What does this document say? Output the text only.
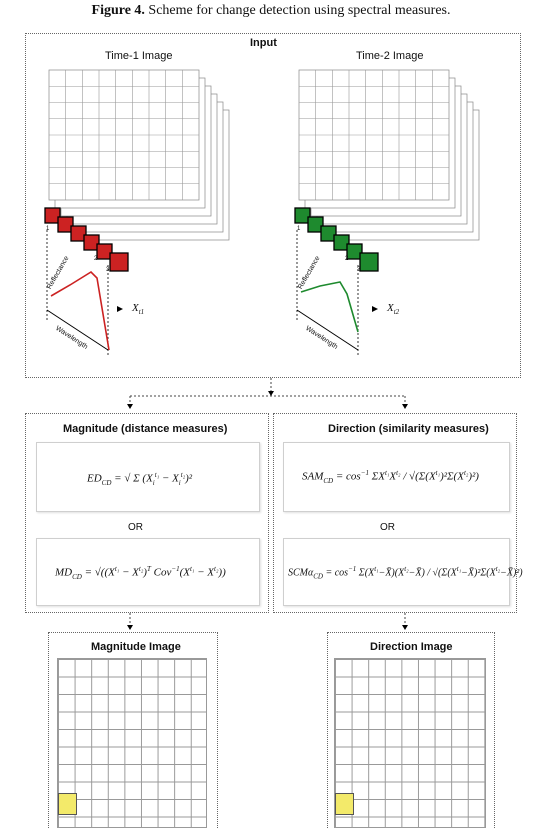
Figure 4. Scheme for change detection using spectral measures.
Input
Time-1 Image	Time-2 Image
Reflectance
Wavelength
Reflectance
Wavelength
1
2
3
1
2
3
$X_{t1}$	$X_{t2}$
Magnitude (distance measures)
$ED_{CD}$ = √ Σ $(X_i^{t_1} - X_i^{t_2})^2$
OR
$MD_{CD} = √((X^{t_1} - X^{t_2})^T$ $Cov^{-1}(X^{t_1} - X^{t_2})$)
Direction (similarity measures)
$SAM_{CD} = \cos^{-1} \Sigma X^{t_1}X^{t_2} / √(\Sigma(X^{t_1})^2\Sigma(X^{t_2})^2)$
OR
$SCM\alpha_{CD} = \cos^{-1}$ $\Sigma(X^{t_1}-X̄)(X^{t_2}-X̄)$ / $√(\Sigma(X^{t_1}-X̄)^2\Sigma(X^{t_2}-X̄)^2)$
Magnitude Image	Direction Image
